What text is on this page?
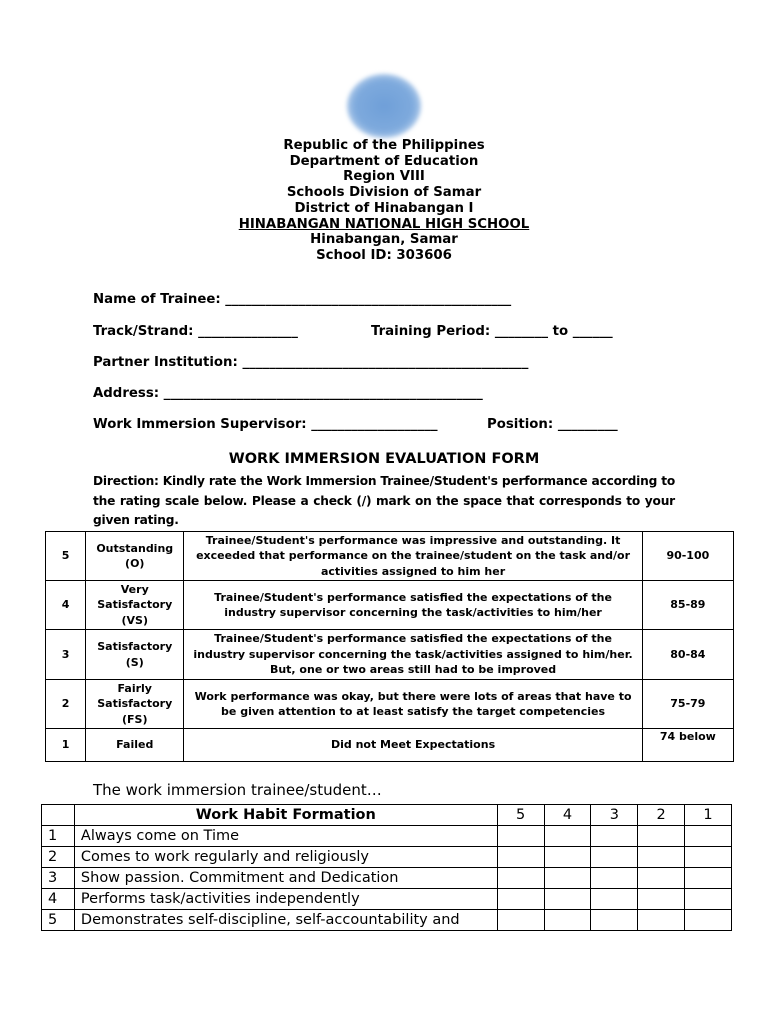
Republic of the Philippines
Department of Education
Region VIII
Schools Division of Samar
District of Hinabangan I
HINABANGAN NATIONAL HIGH SCHOOL
Hinabangan, Samar
School ID: 303606
Name of Trainee: ___________________________________________
Track/Strand: _______________	Training Period: ________ to ______
Partner Institution: ___________________________________________
Address: ________________________________________________
Work Immersion Supervisor: ___________________	Position: _________
WORK IMMERSION EVALUATION FORM
Direction: Kindly rate the Work Immersion Trainee/Student's performance according to the rating scale below. Please a check (/) mark on the space that corresponds to your given rating.
5	Outstanding (O)	Trainee/Student's performance was impressive and outstanding. It exceeded that performance on the trainee/student on the task and/or activities assigned to him her	90-100
4	Very Satisfactory (VS)	Trainee/Student's performance satisfied the expectations of the industry supervisor concerning the task/activities to him/her	85-89
3	Satisfactory (S)	Trainee/Student's performance satisfied the expectations of the industry supervisor concerning the task/activities assigned to him/her. But, one or two areas still had to be improved	80-84
2	Fairly Satisfactory (FS)	Work performance was okay, but there were lots of areas that have to be given attention to at least satisfy the target competencies	75-79
1	Failed	Did not Meet Expectations	74 below
The work immersion trainee/student…
	Work Habit Formation	5	4	3	2	1
1	Always come on Time					
2	Comes to work regularly and religiously					
3	Show passion. Commitment and Dedication					
4	Performs task/activities independently					
5	Demonstrates self-discipline, self-accountability and					
